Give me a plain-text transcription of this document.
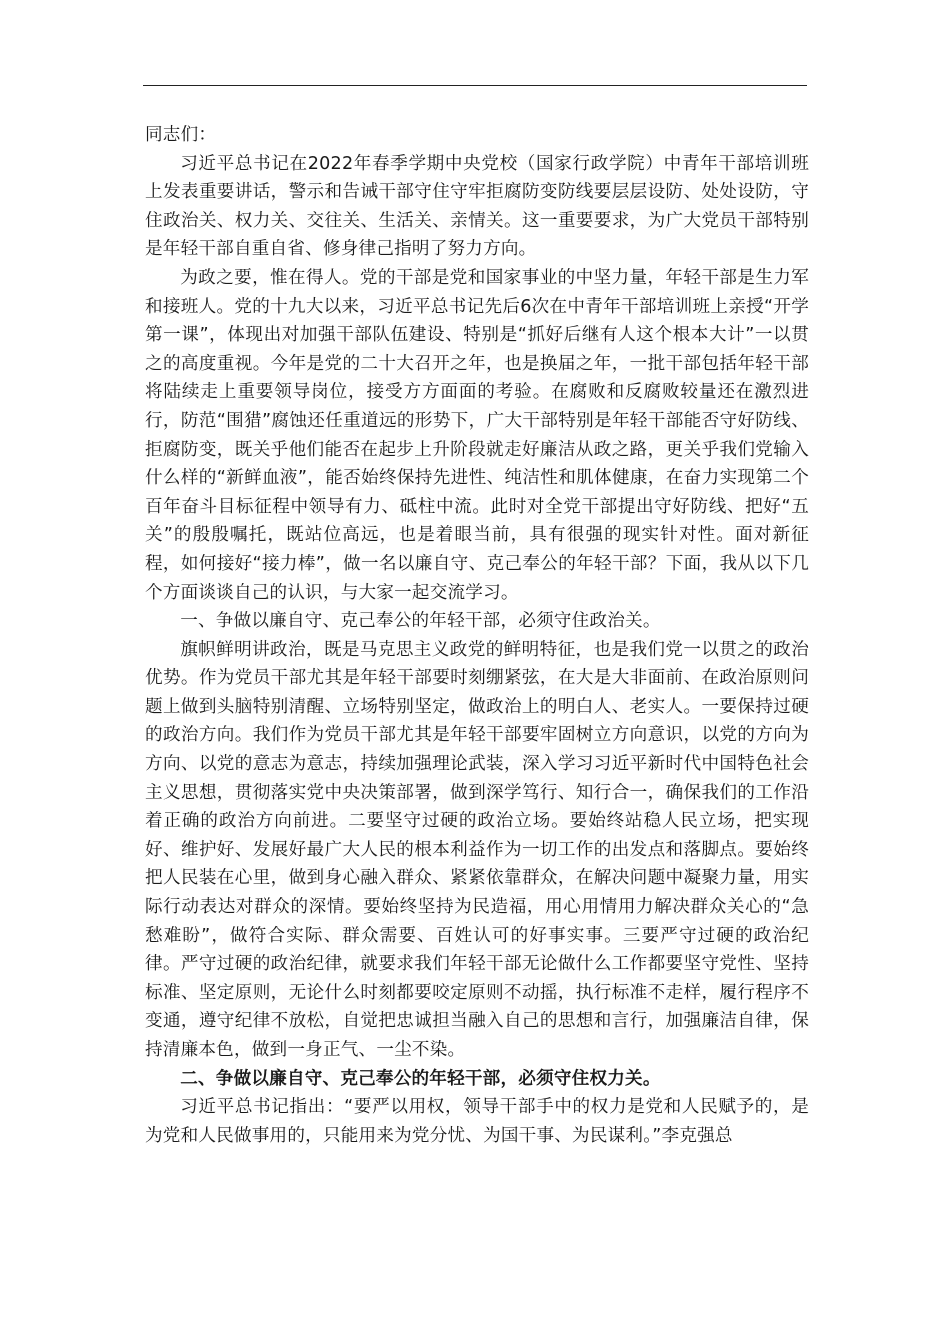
同志们：

习近平总书记在2022年春季学期中央党校（国家行政学院）中青年干部培训班上发表重要讲话，警示和告诫干部守住守牢拒腐防变防线要层层设防、处处设防，守住政治关、权力关、交往关、生活关、亲情关。这一重要要求，为广大党员干部特别是年轻干部自重自省、修身律己指明了努力方向。

为政之要，惟在得人。党的干部是党和国家事业的中坚力量，年轻干部是生力军和接班人。党的十九大以来，习近平总书记先后6次在中青年干部培训班上亲授“开学第一课”，体现出对加强干部队伍建设、特别是“抓好后继有人这个根本大计”一以贯之的高度重视。今年是党的二十大召开之年，也是换届之年，一批干部包括年轻干部将陆续走上重要领导岗位，接受方方面面的考验。在腐败和反腐败较量还在激烈进行，防范“围猎”腐蚀还任重道远的形势下，广大干部特别是年轻干部能否守好防线、拒腐防变，既关乎他们能否在起步上升阶段就走好廉洁从政之路，更关乎我们党输入什么样的“新鲜血液”，能否始终保持先进性、纯洁性和肌体健康，在奋力实现第二个百年奋斗目标征程中领导有力、砥柱中流。此时对全党干部提出守好防线、把好“五关”的殷殷嘱托，既站位高远，也是着眼当前，具有很强的现实针对性。面对新征程，如何接好“接力棒”，做一名以廉自守、克己奉公的年轻干部？下面，我从以下几个方面谈谈自己的认识，与大家一起交流学习。

一、争做以廉自守、克己奉公的年轻干部，必须守住政治关。

旗帜鲜明讲政治，既是马克思主义政党的鲜明特征，也是我们党一以贯之的政治优势。作为党员干部尤其是年轻干部要时刻绷紧弦，在大是大非面前、在政治原则问题上做到头脑特别清醒、立场特别坚定，做政治上的明白人、老实人。一要保持过硬的政治方向。我们作为党员干部尤其是年轻干部要牢固树立方向意识，以党的方向为方向、以党的意志为意志，持续加强理论武装，深入学习习近平新时代中国特色社会主义思想，贯彻落实党中央决策部署，做到深学笃行、知行合一，确保我们的工作沿着正确的政治方向前进。二要坚守过硬的政治立场。要始终站稳人民立场，把实现好、维护好、发展好最广大人民的根本利益作为一切工作的出发点和落脚点。要始终把人民装在心里，做到身心融入群众、紧紧依靠群众，在解决问题中凝聚力量，用实际行动表达对群众的深情。要始终坚持为民造福，用心用情用力解决群众关心的“急愁难盼”，做符合实际、群众需要、百姓认可的好事实事。三要严守过硬的政治纪律。严守过硬的政治纪律，就要求我们年轻干部无论做什么工作都要坚守党性、坚持标准、坚定原则，无论什么时刻都要咬定原则不动摇，执行标准不走样，履行程序不变通，遵守纪律不放松，自觉把忠诚担当融入自己的思想和言行，加强廉洁自律，保持清廉本色，做到一身正气、一尘不染。

二、争做以廉自守、克己奉公的年轻干部，必须守住权力关。

习近平总书记指出：“要严以用权，领导干部手中的权力是党和人民赋予的，是为党和人民做事用的，只能用来为党分忧、为国干事、为民谋利。”李克强总
